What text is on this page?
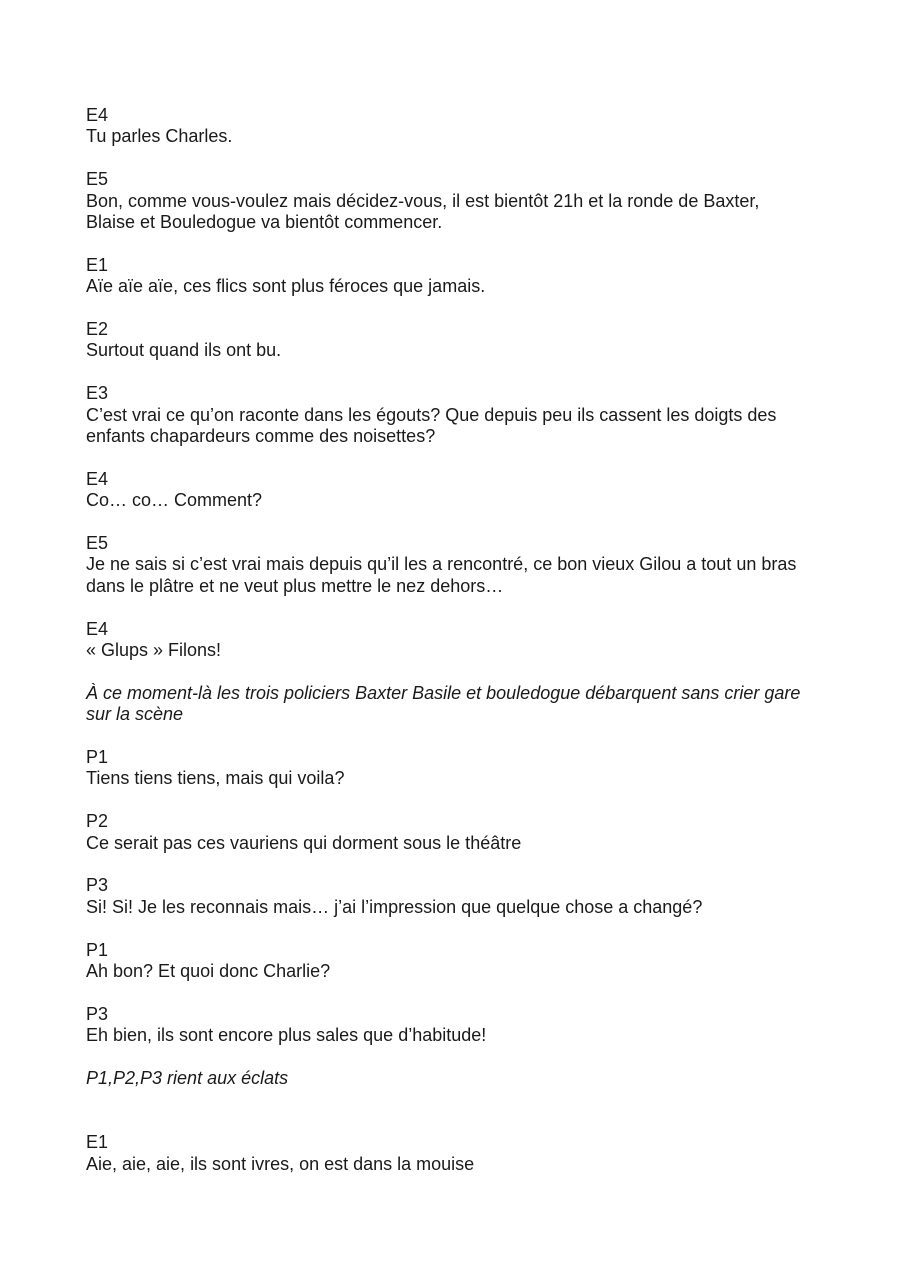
E4
Tu parles Charles.
E5
Bon, comme vous-voulez mais décidez-vous, il est bientôt 21h et la ronde de Baxter,
Blaise et Bouledogue va bientôt commencer.
E1
Aïe aïe aïe, ces flics sont plus féroces que jamais.
E2
Surtout quand ils ont bu.
E3
C’est vrai ce qu’on raconte dans les égouts? Que depuis peu ils cassent les doigts des
enfants chapardeurs comme des noisettes?
E4
Co… co… Comment?
E5
Je ne sais si c’est vrai mais depuis qu’il les a rencontré, ce bon vieux Gilou a tout un bras
dans le plâtre et ne veut plus mettre le nez dehors…
E4
« Glups » Filons!
À ce moment-là les trois policiers Baxter Basile et bouledogue débarquent sans crier gare
sur la scène
P1
Tiens tiens tiens, mais qui voila?
P2
Ce serait pas ces vauriens qui dorment sous le théâtre
P3
Si! Si! Je les reconnais mais… j’ai l’impression que quelque chose a changé?
P1
Ah bon? Et quoi donc Charlie?
P3
Eh bien, ils sont encore plus sales que d’habitude!
P1,P2,P3 rient aux éclats
E1
Aie, aie, aie, ils sont ivres, on est dans la mouise
